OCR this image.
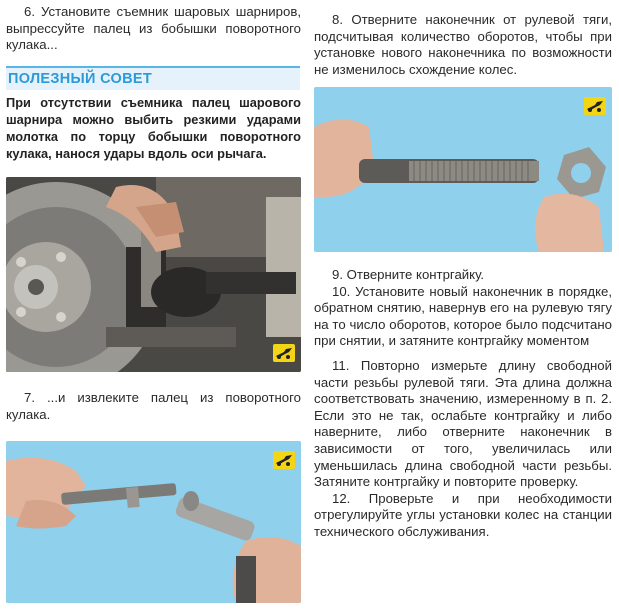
6. Установите съемник шаровых шарниров, выпрессуйте палец из бобышки поворотного кулака...

ПОЛЕЗНЫЙ СОВЕТ
При отсутствии съемника палец шарового шарнира можно выбить резкими ударами молотка по торцу бобышки поворотного кулака, нанося удары вдоль оси рычага.

7. ...и извлеките палец из поворотного кулака.

8. Отверните наконечник от рулевой тяги, подсчитывая количество оборотов, чтобы при установке нового наконечника по возможности не изменилось схождение колес.

9. Отверните контргайку.

10. Установите новый наконечник в порядке, обратном снятию, навернув его на рулевую тягу на то число оборотов, которое было подсчитано при снятии, и затяните контргайку моментом

11. Повторно измерьте длину свободной части резьбы рулевой тяги. Эта длина должна соответствовать значению, измеренному в п. 2. Если это не так, ослабьте контргайку и либо наверните, либо отверните наконечник в зависимости от того, увеличилась или уменьшилась длина свободной части резьбы. Затяните контргайку и повторите проверку.

12. Проверьте и при необходимости отрегулируйте углы установки колес на станции технического обслуживания.
